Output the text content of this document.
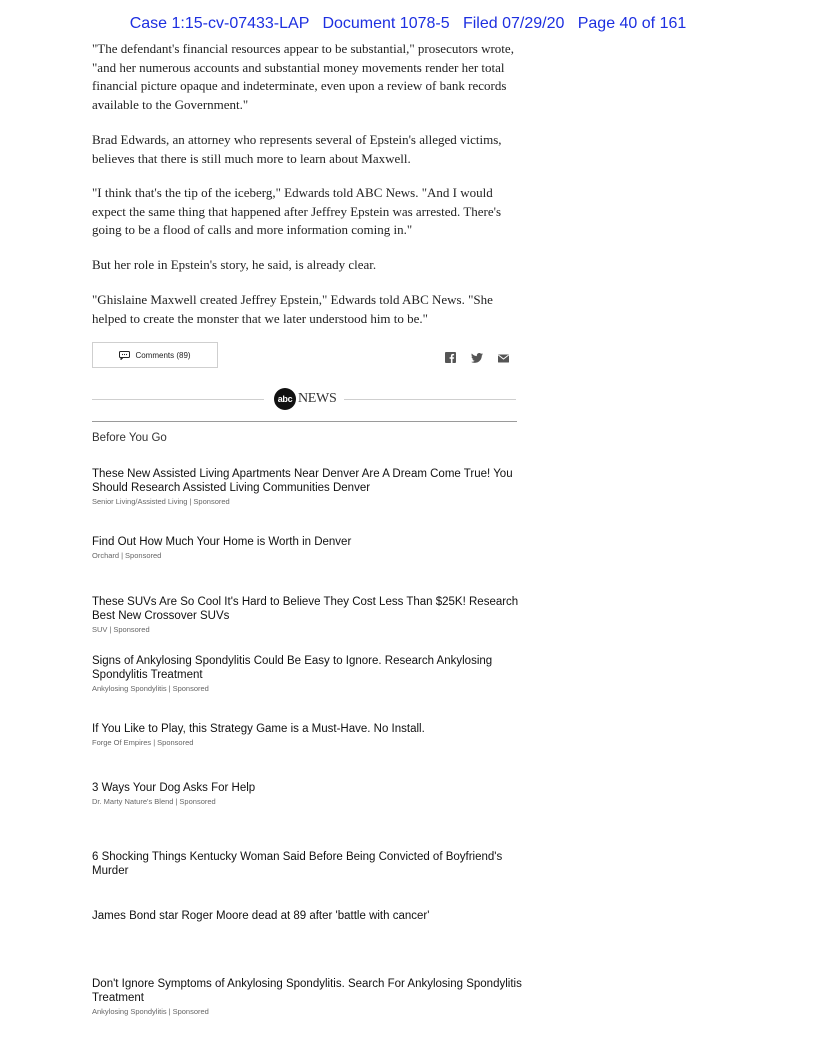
Case 1:15-cv-07433-LAP Document 1078-5 Filed 07/29/20 Page 40 of 161

"The defendant's financial resources appear to be substantial," prosecutors wrote, "and her numerous accounts and substantial money movements render her total financial picture opaque and indeterminate, even upon a review of bank records available to the Government."

Brad Edwards, an attorney who represents several of Epstein's alleged victims, believes that there is still much more to learn about Maxwell.

"I think that's the tip of the iceberg," Edwards told ABC News. "And I would expect the same thing that happened after Jeffrey Epstein was arrested. There's going to be a flood of calls and more information coming in."

But her role in Epstein's story, he said, is already clear.

"Ghislaine Maxwell created Jeffrey Epstein," Edwards told ABC News. "She helped to create the monster that we later understood him to be."

Comments (89)
abc NEWS
Before You Go
These New Assisted Living Apartments Near Denver Are A Dream Come True! You Should Research Assisted Living Communities Denver
Senior Living/Assisted Living | Sponsored
Find Out How Much Your Home is Worth in Denver
Orchard | Sponsored
These SUVs Are So Cool It's Hard to Believe They Cost Less Than $25K! Research Best New Crossover SUVs
SUV | Sponsored
Signs of Ankylosing Spondylitis Could Be Easy to Ignore. Research Ankylosing Spondylitis Treatment
Ankylosing Spondylitis | Sponsored
If You Like to Play, this Strategy Game is a Must-Have. No Install.
Forge Of Empires | Sponsored
3 Ways Your Dog Asks For Help
Dr. Marty Nature's Blend | Sponsored
6 Shocking Things Kentucky Woman Said Before Being Convicted of Boyfriend's Murder
James Bond star Roger Moore dead at 89 after 'battle with cancer'
Don't Ignore Symptoms of Ankylosing Spondylitis. Search For Ankylosing Spondylitis Treatment
Ankylosing Spondylitis | Sponsored
